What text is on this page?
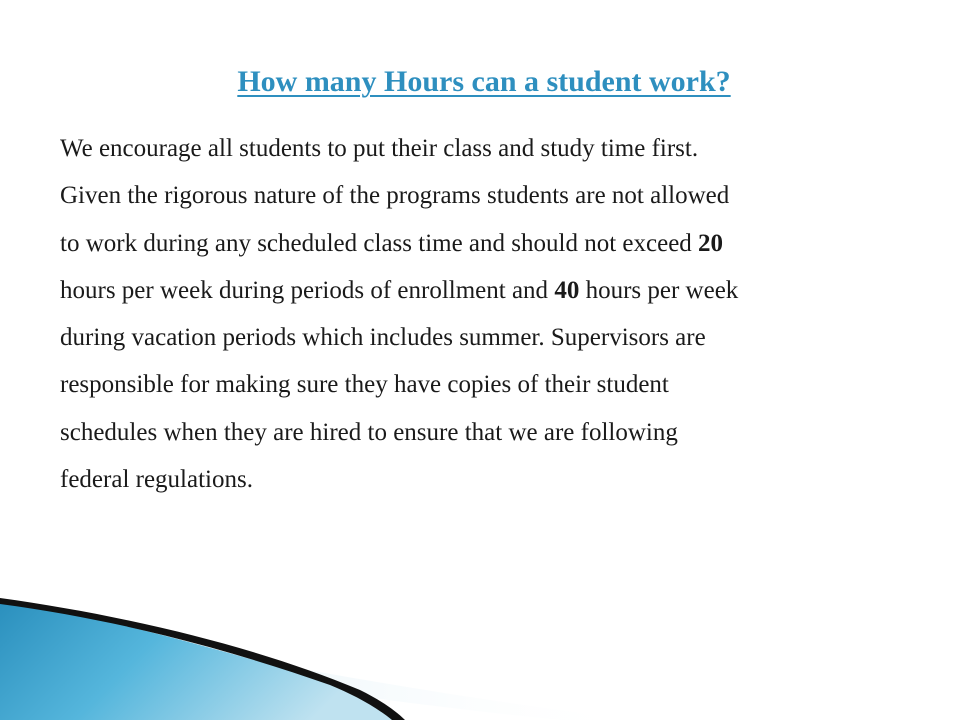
How many Hours can a student work?

We encourage all students to put their class and study time first.
Given the rigorous nature of the programs students are not allowed
to work during any scheduled class time and should not exceed 20
hours per week during periods of enrollment and 40 hours per week
during vacation periods which includes summer. Supervisors are
responsible for making sure they have copies of their student
schedules when they are hired to ensure that we are following
federal regulations.
